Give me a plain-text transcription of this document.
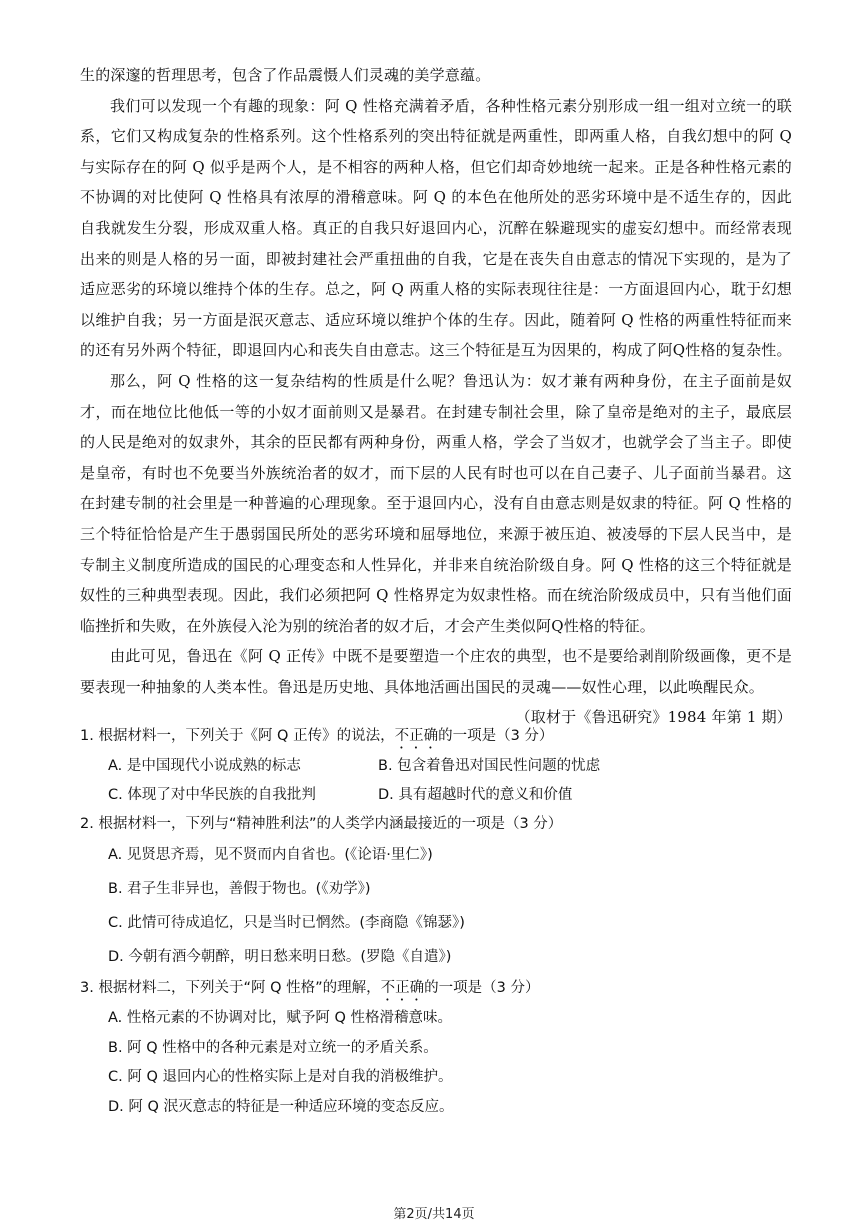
生的深邃的哲理思考，包含了作品震慑人们灵魂的美学意蕴。

我们可以发现一个有趣的现象：阿 Q 性格充满着矛盾，各种性格元素分别形成一组一组对立统一的联系，它们又构成复杂的性格系列。这个性格系列的突出特征就是两重性，即两重人格，自我幻想中的阿 Q 与实际存在的阿 Q 似乎是两个人，是不相容的两种人格，但它们却奇妙地统一起来。正是各种性格元素的不协调的对比使阿 Q 性格具有浓厚的滑稽意味。阿 Q 的本色在他所处的恶劣环境中是不适生存的，因此自我就发生分裂，形成双重人格。真正的自我只好退回内心，沉醉在躲避现实的虚妄幻想中。而经常表现出来的则是人格的另一面，即被封建社会严重扭曲的自我，它是在丧失自由意志的情况下实现的，是为了适应恶劣的环境以维持个体的生存。总之，阿 Q 两重人格的实际表现往往是：一方面退回内心，耽于幻想以维护自我；另一方面是泯灭意志、适应环境以维护个体的生存。因此，随着阿 Q 性格的两重性特征而来的还有另外两个特征，即退回内心和丧失自由意志。这三个特征是互为因果的，构成了阿Q性格的复杂性。

那么，阿 Q 性格的这一复杂结构的性质是什么呢？鲁迅认为：奴才兼有两种身份，在主子面前是奴才，而在地位比他低一等的小奴才面前则又是暴君。在封建专制社会里，除了皇帝是绝对的主子，最底层的人民是绝对的奴隶外，其余的臣民都有两种身份，两重人格，学会了当奴才，也就学会了当主子。即使是皇帝，有时也不免要当外族统治者的奴才，而下层的人民有时也可以在自己妻子、儿子面前当暴君。这在封建专制的社会里是一种普遍的心理现象。至于退回内心，没有自由意志则是奴隶的特征。阿 Q 性格的三个特征恰恰是产生于愚弱国民所处的恶劣环境和屈辱地位，来源于被压迫、被凌辱的下层人民当中，是专制主义制度所造成的国民的心理变态和人性异化，并非来自统治阶级自身。阿 Q 性格的这三个特征就是奴性的三种典型表现。因此，我们必须把阿 Q 性格界定为奴隶性格。而在统治阶级成员中，只有当他们面临挫折和失败，在外族侵入沦为别的统治者的奴才后，才会产生类似阿Q性格的特征。

由此可见，鲁迅在《阿 Q 正传》中既不是要塑造一个庄农的典型，也不是要给剥削阶级画像，更不是要表现一种抽象的人类本性。鲁迅是历史地、具体地活画出国民的灵魂——奴性心理，以此唤醒民众。

（取材于《鲁迅研究》1984 年第 1 期）

1. 根据材料一，下列关于《阿 Q 正传》的说法，不正确的一项是（3 分）
A. 是中国现代小说成熟的标志	B. 包含着鲁迅对国民性问题的忧虑
C. 体现了对中华民族的自我批判	D. 具有超越时代的意义和价值
2. 根据材料一，下列与“精神胜利法”的人类学内涵最接近的一项是（3 分）
A. 见贤思齐焉，见不贤而内自省也。(《论语·里仁》)
B. 君子生非异也，善假于物也。(《劝学》)
C. 此情可待成追忆，只是当时已惘然。(李商隐《锦瑟》)
D. 今朝有酒今朝醉，明日愁来明日愁。(罗隐《自遣》)
3. 根据材料二，下列关于“阿 Q 性格”的理解，不正确的一项是（3 分）
A. 性格元素的不协调对比，赋予阿 Q 性格滑稽意味。
B. 阿 Q 性格中的各种元素是对立统一的矛盾关系。
C. 阿 Q 退回内心的性格实际上是对自我的消极维护。
D. 阿 Q 泯灭意志的特征是一种适应环境的变态反应。
第2页/共14页
